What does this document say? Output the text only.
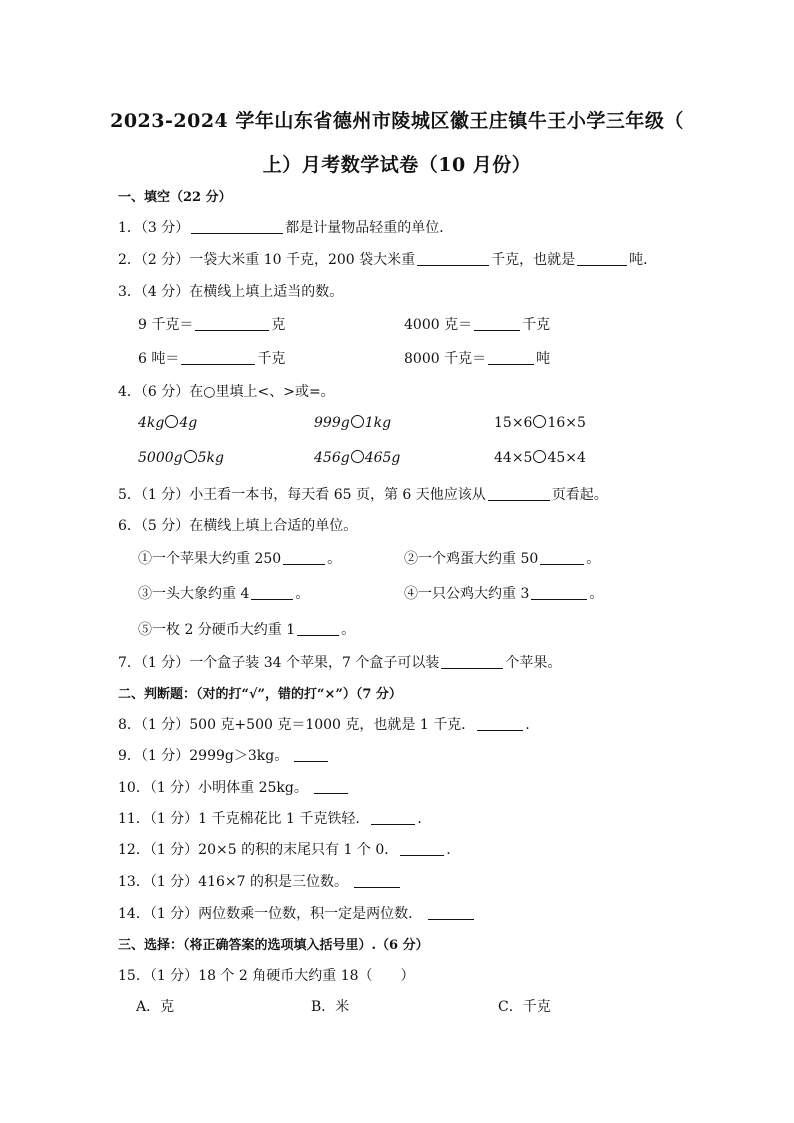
2023-2024 学年山东省德州市陵城区徽王庄镇牛王小学三年级（
上）月考数学试卷（10 月份）
一、填空（22 分）
1．（3 分）	都是计量物品轻重的单位．
2．（2 分）一袋大米重 10 千克，200 袋大米重	千克，也就是	吨．
3．（4 分）在横线上填上适当的数。
9 千克＝	克	4000 克＝	千克
6 吨＝	千克	8000 千克＝	吨
4．（6 分）在○里填上<、>或=。
4kg 4g	999g 1kg	15×6 16×5
5000g 5kg	456g 465g	44×5 45×4
5．（1 分）小王看一本书，每天看 65 页，第 6 天他应该从	页看起。
6．（5 分）在横线上填上合适的单位。
①一个苹果大约重 250	。	②一个鸡蛋大约重 50	。
③一头大象约重 4	。	④一只公鸡大约重 3	。
⑤一枚 2 分硬币大约重 1	。
7．（1 分）一个盒子装 34 个苹果，7 个盒子可以装	个苹果。
二、判断题：（对的打“√”，错的打“×”）（7 分）
8．（1 分）500 克+500 克＝1000 克，也就是 1 千克．	.
9．（1 分）2999g＞3kg。
10．（1 分）小明体重 25kg。
11．（1 分）1 千克棉花比 1 千克铁轻．	.
12．（1 分）20×5 的积的末尾只有 1 个 0．	.
13．（1 分）416×7 的积是三位数。
14．（1 分）两位数乘一位数，积一定是两位数．
三、选择：（将正确答案的选项填入括号里）.（6 分）
15．（1 分）18 个 2 角硬币大约重 18（　　）
A．克	B．米	C．千克
